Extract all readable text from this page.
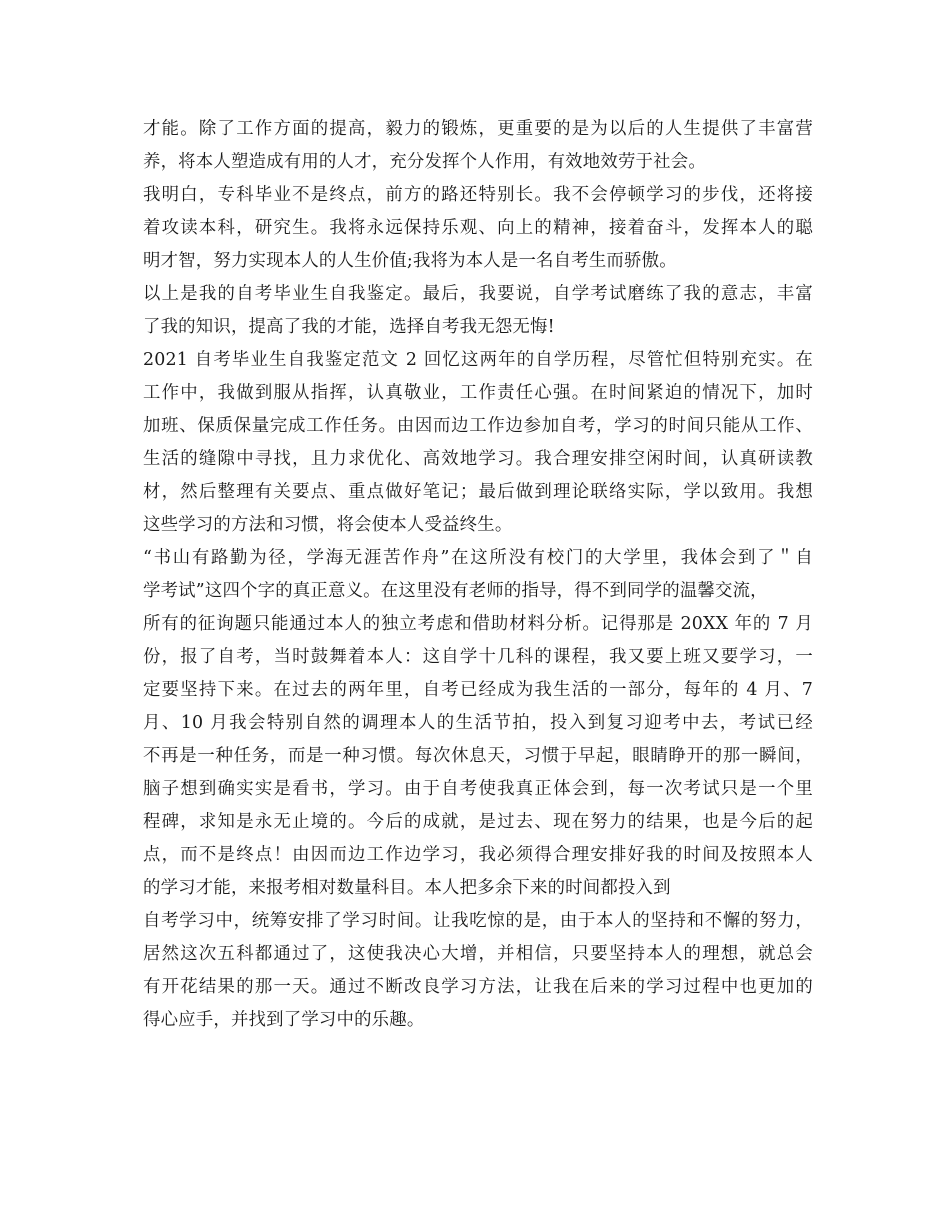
才能。除了工作方面的提高，毅力的锻炼，更重要的是为以后的人生提供了丰富营
养，将本人塑造成有用的人才，充分发挥个人作用，有效地效劳于社会。
我明白，专科毕业不是终点，前方的路还特别长。我不会停顿学习的步伐，还将接
着攻读本科，研究生。我将永远保持乐观、向上的精神，接着奋斗，发挥本人的聪
明才智，努力实现本人的人生价值;我将为本人是一名自考生而骄傲。
以上是我的自考毕业生自我鉴定。最后，我要说，自学考试磨练了我的意志，丰富
了我的知识，提高了我的才能，选择自考我无怨无悔!
2021 自考毕业生自我鉴定范文 2 回忆这两年的自学历程，尽管忙但特别充实。在
工作中，我做到服从指挥，认真敬业，工作责任心强。在时间紧迫的情况下，加时
加班、保质保量完成工作任务。由因而边工作边参加自考，学习的时间只能从工作、
生活的缝隙中寻找，且力求优化、高效地学习。我合理安排空闲时间，认真研读教
材，然后整理有关要点、重点做好笔记；最后做到理论联络实际，学以致用。我想
这些学习的方法和习惯，将会使本人受益终生。
“书山有路勤为径，学海无涯苦作舟”在这所没有校门的大学里，我体会到了＂自
学考试”这四个字的真正意义。在这里没有老师的指导，得不到同学的温馨交流，
所有的征询题只能通过本人的独立考虑和借助材料分析。记得那是 20XX 年的 7 月
份，报了自考，当时鼓舞着本人：这自学十几科的课程，我又要上班又要学习，一
定要坚持下来。在过去的两年里，自考已经成为我生活的一部分，每年的 4 月、7
月、10 月我会特别自然的调理本人的生活节拍，投入到复习迎考中去，考试已经
不再是一种任务，而是一种习惯。每次休息天，习惯于早起，眼睛睁开的那一瞬间，
脑子想到确实实是看书，学习。由于自考使我真正体会到，每一次考试只是一个里
程碑，求知是永无止境的。今后的成就，是过去、现在努力的结果，也是今后的起
点，而不是终点！由因而边工作边学习，我必须得合理安排好我的时间及按照本人
的学习才能，来报考相对数量科目。本人把多余下来的时间都投入到
自考学习中，统筹安排了学习时间。让我吃惊的是，由于本人的坚持和不懈的努力，
居然这次五科都通过了，这使我决心大增，并相信，只要坚持本人的理想，就总会
有开花结果的那一天。通过不断改良学习方法，让我在后来的学习过程中也更加的
得心应手，并找到了学习中的乐趣。
